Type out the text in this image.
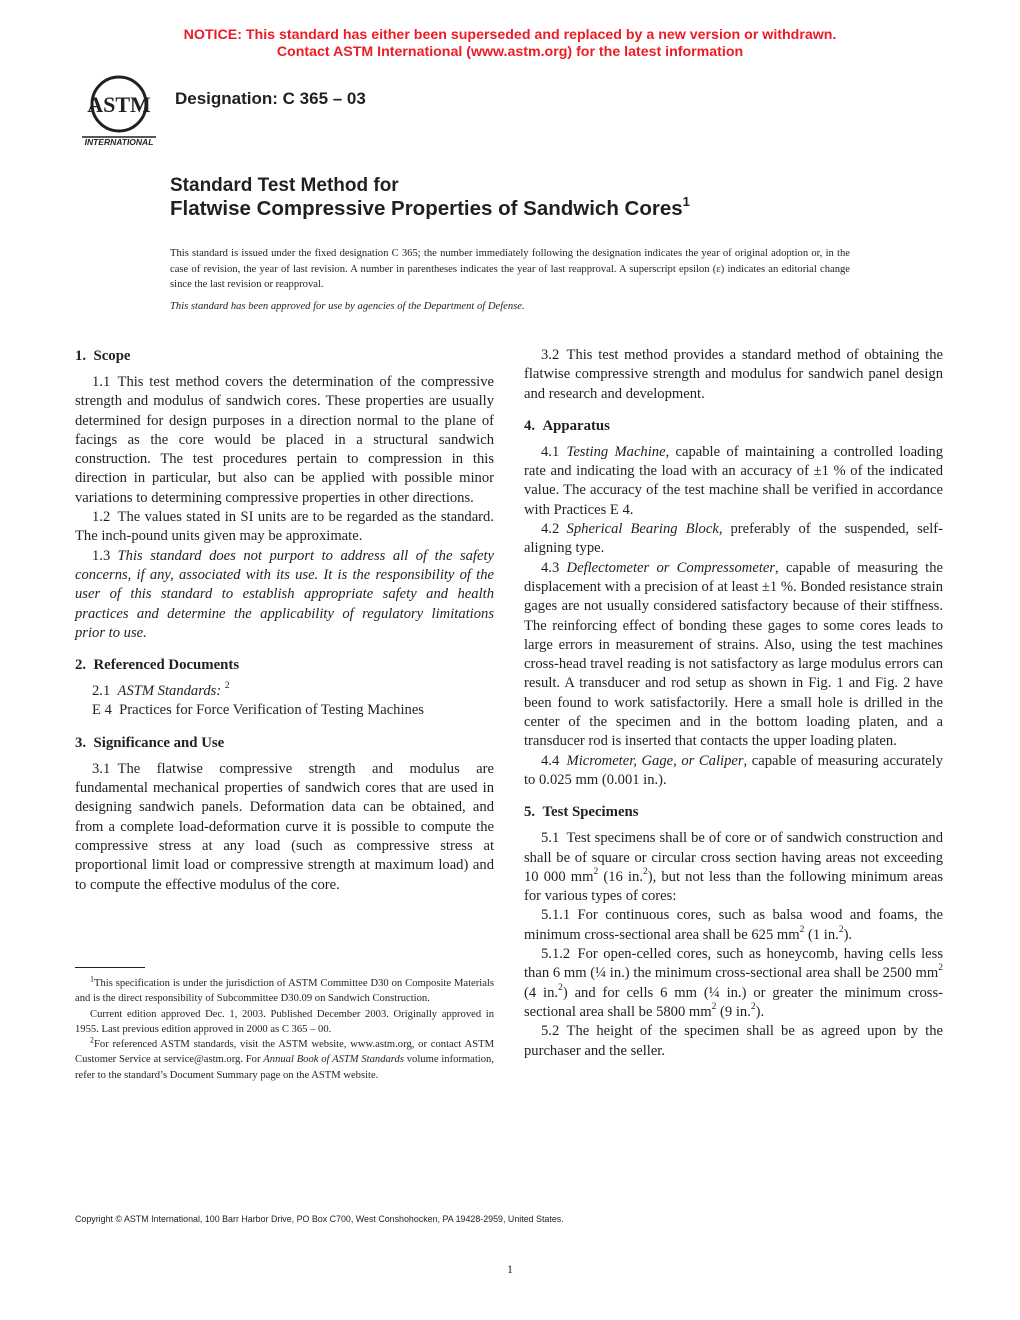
NOTICE: This standard has either been superseded and replaced by a new version or withdrawn.
Contact ASTM International (www.astm.org) for the latest information
ASTM
INTERNATIONAL
Designation: C 365 – 03
Standard Test Method for
Flatwise Compressive Properties of Sandwich Cores$^1$
This standard is issued under the fixed designation C 365; the number immediately following the designation indicates the year of original adoption or, in the case of revision, the year of last revision. A number in parentheses indicates the year of last reapproval. A superscript epsilon (ε) indicates an editorial change since the last revision or reapproval.
This standard has been approved for use by agencies of the Department of Defense.
1. Scope

1.1 This test method covers the determination of the compressive strength and modulus of sandwich cores. These properties are usually determined for design purposes in a direction normal to the plane of facings as the core would be placed in a structural sandwich construction. The test procedures pertain to compression in this direction in particular, but also can be applied with possible minor variations to determining compressive properties in other directions.

1.2 The values stated in SI units are to be regarded as the standard. The inch-pound units given may be approximate.

1.3 This standard does not purport to address all of the safety concerns, if any, associated with its use. It is the responsibility of the user of this standard to establish appropriate safety and health practices and determine the applicability of regulatory limitations prior to use.

2. Referenced Documents

2.1 ASTM Standards: $^2$

E 4 Practices for Force Verification of Testing Machines

3. Significance and Use

3.1 The flatwise compressive strength and modulus are fundamental mechanical properties of sandwich cores that are used in designing sandwich panels. Deformation data can be obtained, and from a complete load-deformation curve it is possible to compute the compressive stress at any load (such as compressive stress at proportional limit load or compressive strength at maximum load) and to compute the effective modulus of the core.

3.2 This test method provides a standard method of obtaining the flatwise compressive strength and modulus for sandwich panel design and research and development.

4. Apparatus

4.1 Testing Machine, capable of maintaining a controlled loading rate and indicating the load with an accuracy of ±1 % of the indicated value. The accuracy of the test machine shall be verified in accordance with Practices E 4.

4.2 Spherical Bearing Block, preferably of the suspended, self-aligning type.

4.3 Deflectometer or Compressometer, capable of measuring the displacement with a precision of at least ±1 %. Bonded resistance strain gages are not usually considered satisfactory because of their stiffness. The reinforcing effect of bonding these gages to some cores leads to large errors in measurement of strains. Also, using the test machines cross-head travel reading is not satisfactory as large modulus errors can result. A transducer and rod setup as shown in Fig. 1 and Fig. 2 have been found to work satisfactorily. Here a small hole is drilled in the center of the specimen and in the bottom loading platen, and a transducer rod is inserted that contacts the upper loading platen.

4.4 Micrometer, Gage, or Caliper, capable of measuring accurately to 0.025 mm (0.001 in.).

5. Test Specimens

5.1 Test specimens shall be of core or of sandwich construction and shall be of square or circular cross section having areas not exceeding 10 000 $mm^2$ (16 in.$^2$), but not less than the following minimum areas for various types of cores:

5.1.1 For continuous cores, such as balsa wood and foams, the minimum cross-sectional area shall be 625 $mm^2$ (1 in.$^2$).

5.1.2 For open-celled cores, such as honeycomb, having cells less than 6 mm (¼ in.) the minimum cross-sectional area shall be 2500 $mm^2$ (4 in.$^2$) and for cells 6 mm (¼ in.) or greater the minimum cross-sectional area shall be 5800 $mm^2$ (9 in.$^2$).

5.2 The height of the specimen shall be as agreed upon by the purchaser and the seller.

$^1$This specification is under the jurisdiction of ASTM Committee D30 on Composite Materials and is the direct responsibility of Subcommittee D30.09 on Sandwich Construction.

Current edition approved Dec. 1, 2003. Published December 2003. Originally approved in 1955. Last previous edition approved in 2000 as C 365 – 00.

$^2$For referenced ASTM standards, visit the ASTM website, www.astm.org, or contact ASTM Customer Service at service@astm.org. For Annual Book of ASTM Standards volume information, refer to the standard’s Document Summary page on the ASTM website.

Copyright © ASTM International, 100 Barr Harbor Drive, PO Box C700, West Conshohocken, PA 19428-2959, United States.
1
